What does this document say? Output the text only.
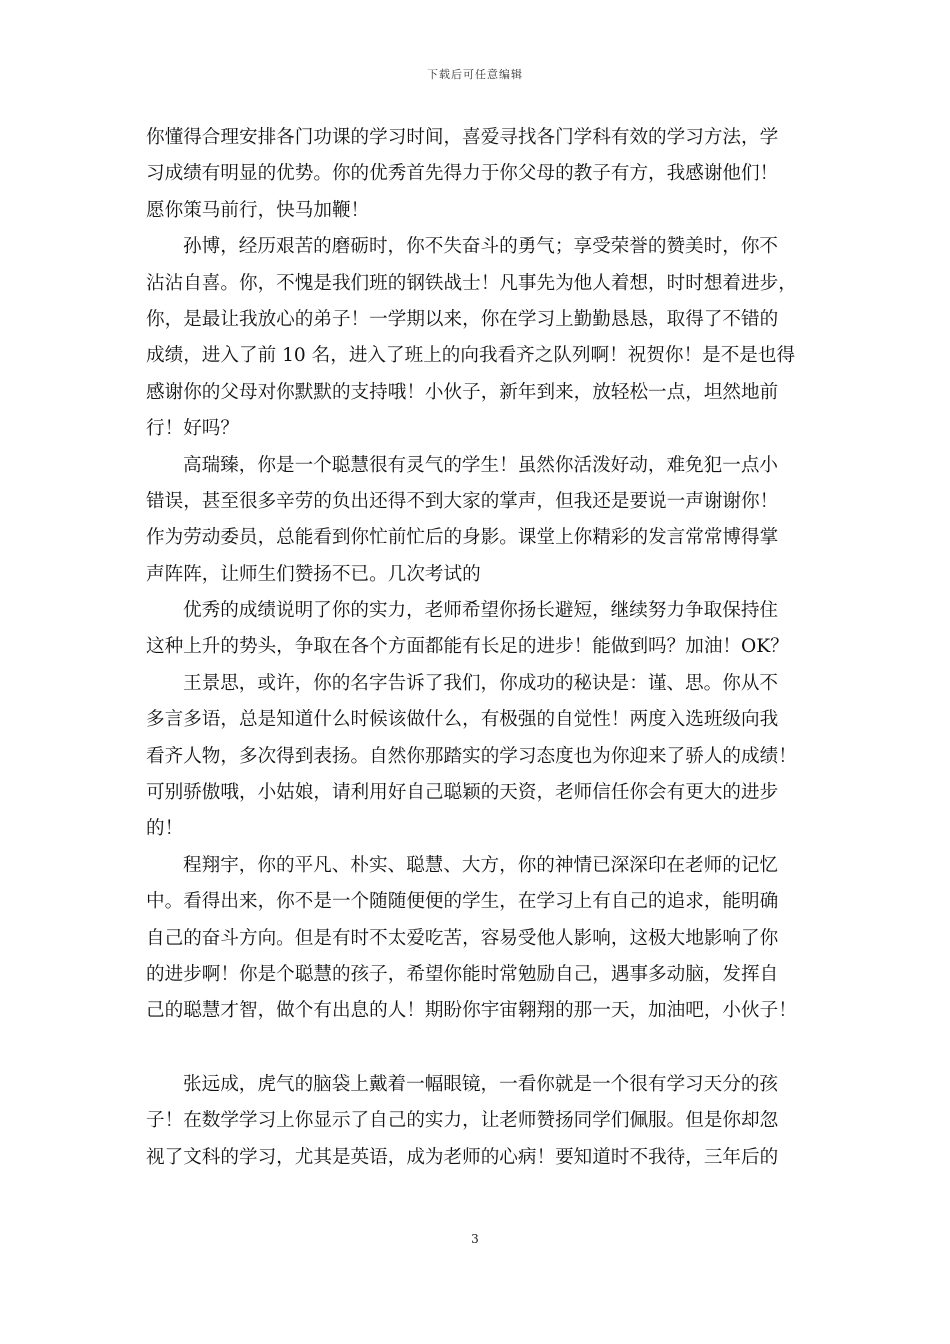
下载后可任意编辑
你懂得合理安排各门功课的学习时间，喜爱寻找各门学科有效的学习方法，学
习成绩有明显的优势。你的优秀首先得力于你父母的教子有方，我感谢他们！
愿你策马前行，快马加鞭！
孙博，经历艰苦的磨砺时，你不失奋斗的勇气；享受荣誉的赞美时，你不
沾沾自喜。你，不愧是我们班的钢铁战士！凡事先为他人着想，时时想着进步，
你，是最让我放心的弟子！一学期以来，你在学习上勤勤恳恳，取得了不错的
成绩，进入了前 10 名，进入了班上的向我看齐之队列啊！祝贺你！是不是也得
感谢你的父母对你默默的支持哦！小伙子，新年到来，放轻松一点，坦然地前
行！好吗？
高瑞臻，你是一个聪慧很有灵气的学生！虽然你活泼好动，难免犯一点小
错误，甚至很多辛劳的负出还得不到大家的掌声，但我还是要说一声谢谢你！
作为劳动委员，总能看到你忙前忙后的身影。课堂上你精彩的发言常常博得掌
声阵阵，让师生们赞扬不已。几次考试的
优秀的成绩说明了你的实力，老师希望你扬长避短，继续努力争取保持住
这种上升的势头，争取在各个方面都能有长足的进步！能做到吗？加油！OK？
王景思，或许，你的名字告诉了我们，你成功的秘诀是：谨、思。你从不
多言多语，总是知道什么时候该做什么，有极强的自觉性！两度入选班级向我
看齐人物，多次得到表扬。自然你那踏实的学习态度也为你迎来了骄人的成绩！
可别骄傲哦，小姑娘，请利用好自己聪颖的天资，老师信任你会有更大的进步
的！
程翔宇，你的平凡、朴实、聪慧、大方，你的神情已深深印在老师的记忆
中。看得出来，你不是一个随随便便的学生，在学习上有自己的追求，能明确
自己的奋斗方向。但是有时不太爱吃苦，容易受他人影响，这极大地影响了你
的进步啊！你是个聪慧的孩子，希望你能时常勉励自己，遇事多动脑，发挥自
己的聪慧才智，做个有出息的人！期盼你宇宙翱翔的那一天，加油吧，小伙子！
张远成，虎气的脑袋上戴着一幅眼镜，一看你就是一个很有学习天分的孩
子！在数学学习上你显示了自己的实力，让老师赞扬同学们佩服。但是你却忽
视了文科的学习，尤其是英语，成为老师的心病！要知道时不我待，三年后的
3
